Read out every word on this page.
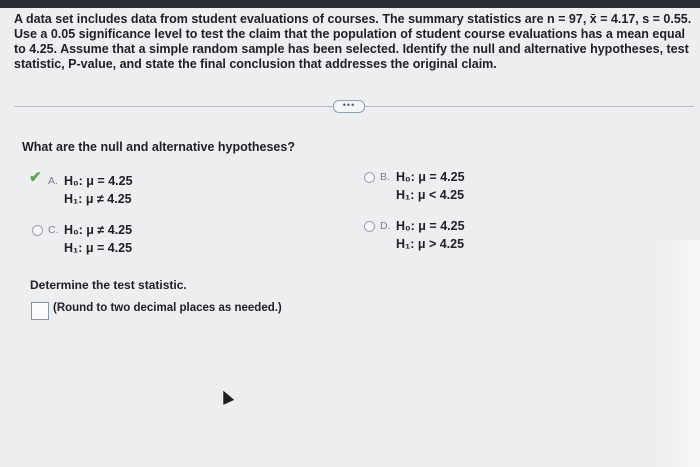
A data set includes data from student evaluations of courses. The summary statistics are n = 97, x̄ = 4.17, s = 0.55. Use a 0.05 significance level to test the claim that the population of student course evaluations has a mean equal to 4.25. Assume that a simple random sample has been selected. Identify the null and alternative hypotheses, test statistic, P-value, and state the final conclusion that addresses the original claim.
•••
What are the null and alternative hypotheses?
✔ A. H₀: μ = 4.25
H₁: μ ≠ 4.25
B. H₀: μ = 4.25
H₁: μ < 4.25
C. H₀: μ ≠ 4.25
H₁: μ = 4.25
D. H₀: μ = 4.25
H₁: μ > 4.25
Determine the test statistic.
(Round to two decimal places as needed.)
